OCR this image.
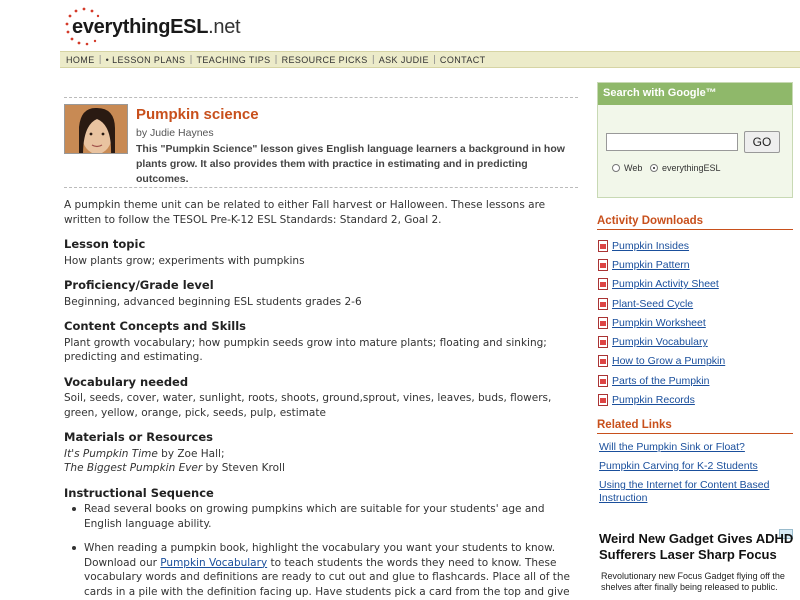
everythingESL.net
HOME | • LESSON PLANS | TEACHING TIPS | RESOURCE PICKS | ASK JUDIE | CONTACT
Pumpkin science
by Judie Haynes
This "Pumpkin Science" lesson gives English language learners a background in how plants grow. It also provides them with practice in estimating and in predicting outcomes.

A pumpkin theme unit can be related to either Fall harvest or Halloween. These lessons are written to follow the TESOL Pre-K-12 ESL Standards: Standard 2, Goal 2.

Lesson topic

How plants grow; experiments with pumpkins

Proficiency/Grade level

Beginning, advanced beginning ESL students grades 2-6

Content Concepts and Skills

Plant growth vocabulary; how pumpkin seeds grow into mature plants; floating and sinking; predicting and estimating.

Vocabulary needed

Soil, seeds, cover, water, sunlight, roots, shoots, ground,sprout, vines, leaves, buds, flowers, green, yellow, orange, pick, seeds, pulp, estimate

Materials or Resources

It's Pumpkin Time by Zoe Hall;

The Biggest Pumpkin Ever by Steven Kroll

Instructional Sequence
Read several books on growing pumpkins which are suitable for your students' age and English language ability.
When reading a pumpkin book, highlight the vocabulary you want your students to know. Download our Pumpkin Vocabulary to teach students the words they need to know. These vocabulary words and definitions are ready to cut out and glue to flashcards. Place all of the cards in a pile with the definition facing up. Have students pick a card from the top and give
Search with Google™
GO
Web everythingESL
Activity Downloads
Pumpkin Insides
Pumpkin Pattern
Pumpkin Activity Sheet
Plant-Seed Cycle
Pumpkin Worksheet
Pumpkin Vocabulary
How to Grow a Pumpkin
Parts of the Pumpkin
Pumpkin Records
Related Links
Will the Pumpkin Sink or Float?
Pumpkin Carving for K-2 Students
Using the Internet for Content Based Instruction
Weird New Gadget Gives ADHD Sufferers Laser Sharp Focus
Revolutionary new Focus Gadget flying off the shelves after finally being released to public.
